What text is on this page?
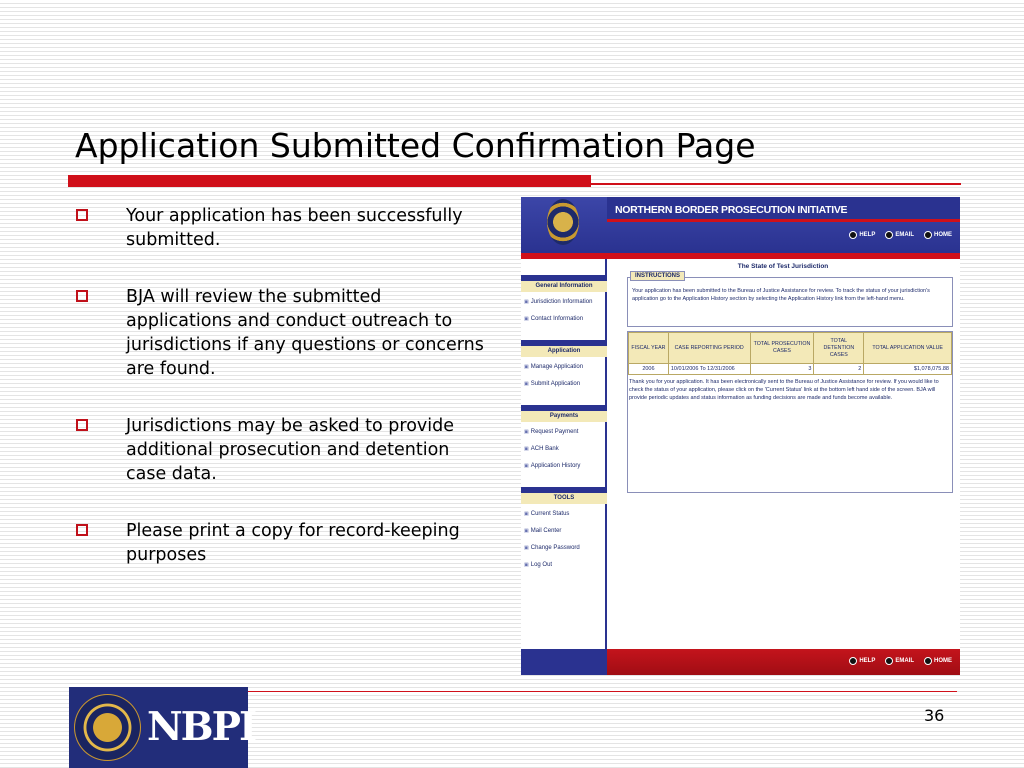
Application Submitted Confirmation Page
Your application has been successfully submitted.
BJA will review the submitted applications and conduct outreach to jurisdictions if any questions or concerns are found.
Jurisdictions may be asked to provide additional prosecution and detention case data.
Please print a copy for record-keeping purposes
NORTHERN BORDER PROSECUTION INITIATIVE
HELP	EMAIL	HOME
General Information
▣ Jurisdiction Information
▣ Contact Information
Application
▣ Manage Application
▣ Submit Application
Payments
▣ Request Payment
▣ ACH Bank
▣ Application History
TOOLS
▣ Current Status
▣ Mail Center
▣ Change Password
▣ Log Out
The State of Test Jurisdiction
INSTRUCTIONS
Your application has been submitted to the Bureau of Justice Assistance for review. To track the status of your jurisdiction's application go to the Application History section by selecting the Application History link from the left-hand menu.
FISCAL YEAR	CASE REPORTING PERIOD	TOTAL PROSECUTION CASES	TOTAL DETENTION CASES	TOTAL APPLICATION VALUE
2006	10/01/2006 To 12/31/2006	3	2	$1,078,075.88
Thank you for your application. It has been electronically sent to the Bureau of Justice Assistance for review. If you would like to check the status of your application, please click on the 'Current Status' link at the bottom left hand side of the screen. BJA will provide periodic updates and status information as funding decisions are made and funds become available.
HELP	EMAIL	HOME
NBPI	36
